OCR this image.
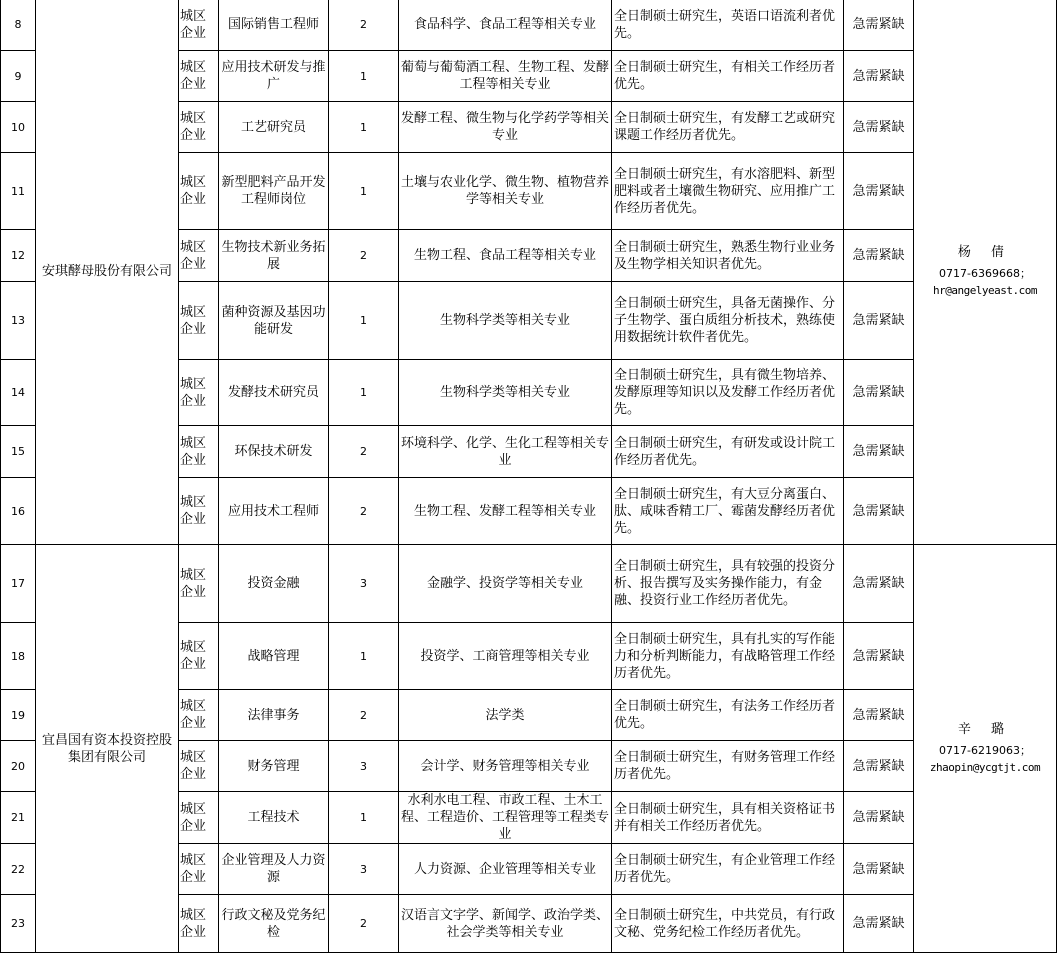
8	安琪酵母股份有限公司	城区企业	国际销售工程师	2	食品科学、食品工程等相关专业	全日制硕士研究生，英语口语流利者优先。	急需紧缺	杨 倩
0717-6369668；
hr@angelyeast.com

9		城区企业	应用技术研发与推广	1	葡萄与葡萄酒工程、生物工程、发酵工程等相关专业	全日制硕士研究生，有相关工作经历者优先。	急需紧缺	
10		城区企业	工艺研究员	1	发酵工程、微生物与化学药学等相关专业	全日制硕士研究生，有发酵工艺或研究课题工作经历者优先。	急需紧缺	
11		城区企业	新型肥料产品开发工程师岗位	1	土壤与农业化学、微生物、植物营养学等相关专业	全日制硕士研究生，有水溶肥料、新型肥料或者土壤微生物研究、应用推广工作经历者优先。	急需紧缺	
12		城区企业	生物技术新业务拓展	2	生物工程、食品工程等相关专业	全日制硕士研究生，熟悉生物行业业务及生物学相关知识者优先。	急需紧缺	
13		城区企业	菌种资源及基因功能研发	1	生物科学类等相关专业	全日制硕士研究生，具备无菌操作、分子生物学、蛋白质组分析技术，熟练使用数据统计软件者优先。	急需紧缺	
14		城区企业	发酵技术研究员	1	生物科学类等相关专业	全日制硕士研究生，具有微生物培养、发酵原理等知识以及发酵工作经历者优先。	急需紧缺	
15		城区企业	环保技术研发	2	环境科学、化学、生化工程等相关专业	全日制硕士研究生，有研发或设计院工作经历者优先。	急需紧缺	
16		城区企业	应用技术工程师	2	生物工程、发酵工程等相关专业	全日制硕士研究生，有大豆分离蛋白、肽、咸味香精工厂、霉菌发酵经历者优先。	急需紧缺	
17	宜昌国有资本投资控股集团有限公司	城区企业	投资金融	3	金融学、投资学等相关专业	全日制硕士研究生，具有较强的投资分析、报告撰写及实务操作能力，有金融、投资行业工作经历者优先。	急需紧缺	辛 璐
0717-6219063；
zhaopin@ycgtjt.com

18		城区企业	战略管理	1	投资学、工商管理等相关专业	全日制硕士研究生，具有扎实的写作能力和分析判断能力，有战略管理工作经历者优先。	急需紧缺	
19		城区企业	法律事务	2	法学类	全日制硕士研究生，有法务工作经历者优先。	急需紧缺	
20		城区企业	财务管理	3	会计学、财务管理等相关专业	全日制硕士研究生，有财务管理工作经历者优先。	急需紧缺	
21		城区企业	工程技术	1	水利水电工程、市政工程、土木工程、工程造价、工程管理等工程类专业	全日制硕士研究生，具有相关资格证书并有相关工作经历者优先。	急需紧缺	
22		城区企业	企业管理及人力资源	3	人力资源、企业管理等相关专业	全日制硕士研究生，有企业管理工作经历者优先。	急需紧缺	
23		城区企业	行政文秘及党务纪检	2	汉语言文字学、新闻学、政治学类、社会学类等相关专业	全日制硕士研究生，中共党员，有行政文秘、党务纪检工作经历者优先。	急需紧缺	
